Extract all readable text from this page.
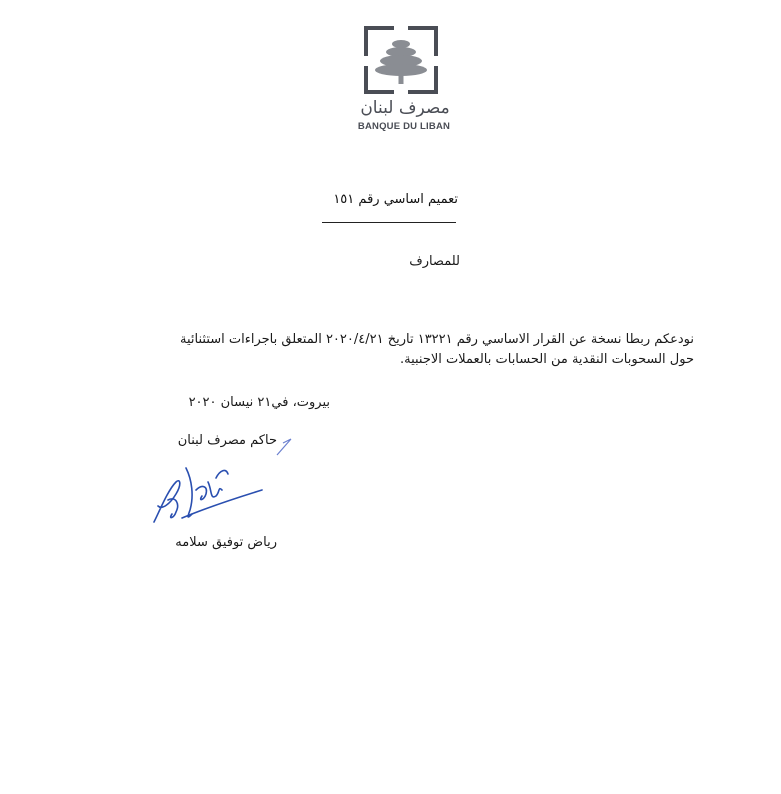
مصرف لبنان
BANQUE DU LIBAN
تعميم اساسي رقم ١٥١
للمصارف
نودعكم ربطا نسخة عن القرار الاساسي رقم ١٣٢٢١ تاريخ ٢٠٢٠/٤/٢١ المتعلق باجراءات استثنائية
حول السحوبات النقدية من الحسابات بالعملات الاجنبية.
بيروت، في٢١ نيسان ٢٠٢٠
حاكم مصرف لبنان
رياض توفيق سلامه
